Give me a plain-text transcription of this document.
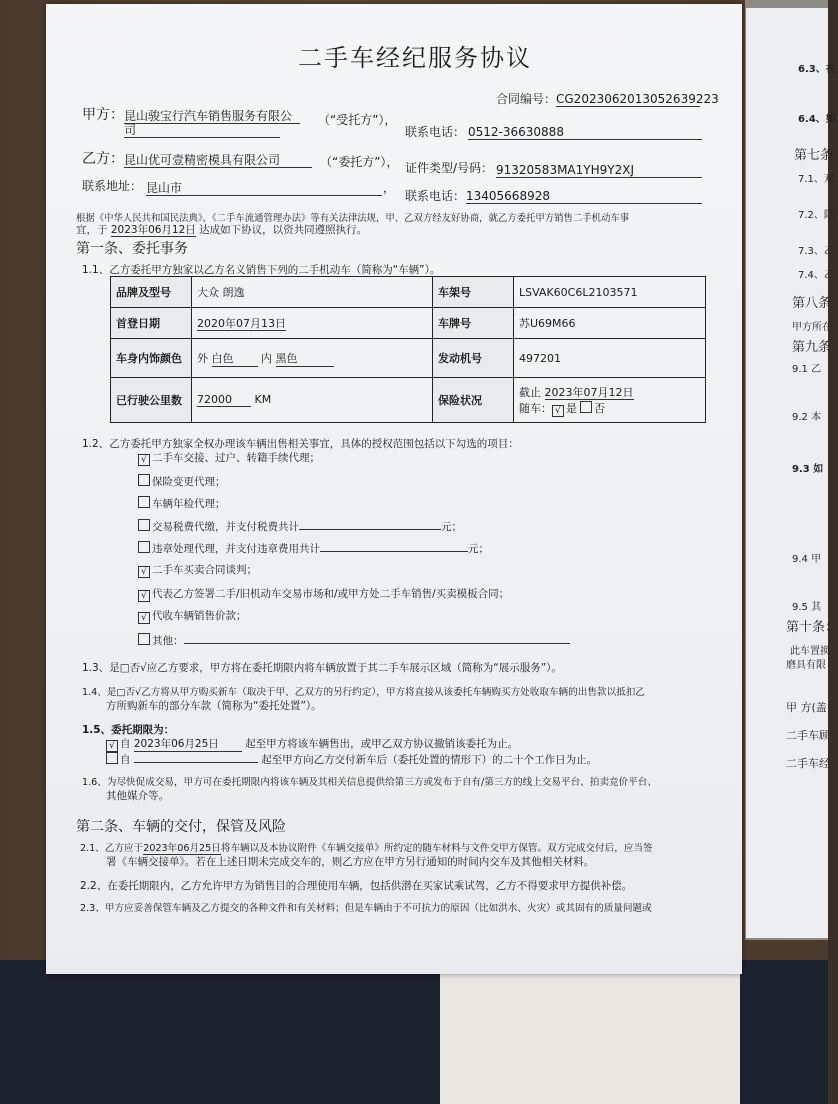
6.3、在
6.4、如
第七条
7.1、双
7.2、除
7.3、乙
7.4、乙
第八条
甲方所在
第九条
9.1 乙
9.2 本
9.3 如
9.4 甲
9.5 其
第十条：
此车置换
磨具有限
甲 方(盖
二手车顾
二手车经
二手车经纪服务协议
合同编号： CG2023062013052639223
甲方： 昆山骏宝行汽车销售服务有限公
司
（“受托方”），
联系电话： 0512-36630888
乙方： 昆山优可壹精密模具有限公司	（“委托方”）， 证件类型/号码： 91320583MA1YH9Y2XJ
联系地址： 昆山市	，
联系电话： 13405668928
根据《中华人民共和国民法典》、《二手车流通管理办法》等有关法律法规，甲、乙双方经友好协商，就乙方委托甲方销售二手机动车事
宜，于 2023年06月12日 达成如下协议，以资共同遵照执行。
第一条、委托事务
1.1、乙方委托甲方独家以乙方名义销售下列的二手机动车（简称为“车辆”）。
品牌及型号	大众 朗逸	车架号	LSVAK60C6L2103571
首登日期	2020年07月13日	车牌号	苏U69M66
车身内饰颜色	外 白色 内 黑色	发动机号	497201
已行驶公里数	72000 KM	保险状况	截止 2023年07月12日
随车： √ 是 否
1.2、乙方委托甲方独家全权办理该车辆出售相关事宜，具体的授权范围包括以下勾选的项目：
√ 二手车交接、过户、转籍手续代理；
保险变更代理；
车辆年检代理；
交易税费代缴，并支付税费共计	元；
违章处理代理，并支付违章费用共计	元；
√ 二手车买卖合同谈判；
√ 代表乙方签署二手/旧机动车交易市场和/或甲方处二手车销售/买卖模板合同；
√ 代收车辆销售价款；
其他：
1.3、是□否√应乙方要求，甲方将在委托期限内将车辆放置于其二手车展示区域（简称为“展示服务”）。
1.4、是□否√乙方将从甲方购买新车（取决于甲、乙双方的另行约定），甲方将直接从该委托车辆购买方处收取车辆的出售款以抵扣乙
方所购新车的部分车款（简称为“委托处置”）。
1.5、委托期限为：
√ 自 2023年06月25日	起至甲方将该车辆售出，或甲乙双方协议撤销该委托为止。
自	起至甲方向乙方交付新车后（委托处置的情形下）的二十个工作日为止。
1.6、为尽快促成交易，甲方可在委托期限内将该车辆及其相关信息提供给第三方或发布于自有/第三方的线上交易平台、拍卖竞价平台、
其他媒介等。
第二条、车辆的交付，保管及风险
2.1、乙方应于2023年06月25日将车辆以及本协议附件《车辆交接单》所约定的随车材料与文件交甲方保管。双方完成交付后，应当签
署《车辆交接单》。若在上述日期未完成交车的，则乙方应在甲方另行通知的时间内交车及其他相关材料。
2.2、在委托期限内，乙方允许甲方为销售目的合理使用车辆，包括供潜在买家试乘试驾，乙方不得要求甲方提供补偿。
2.3、甲方应妥善保管车辆及乙方提交的各种文件和有关材料；但是车辆由于不可抗力的原因（比如洪水、火灾）或其固有的质量问题或
